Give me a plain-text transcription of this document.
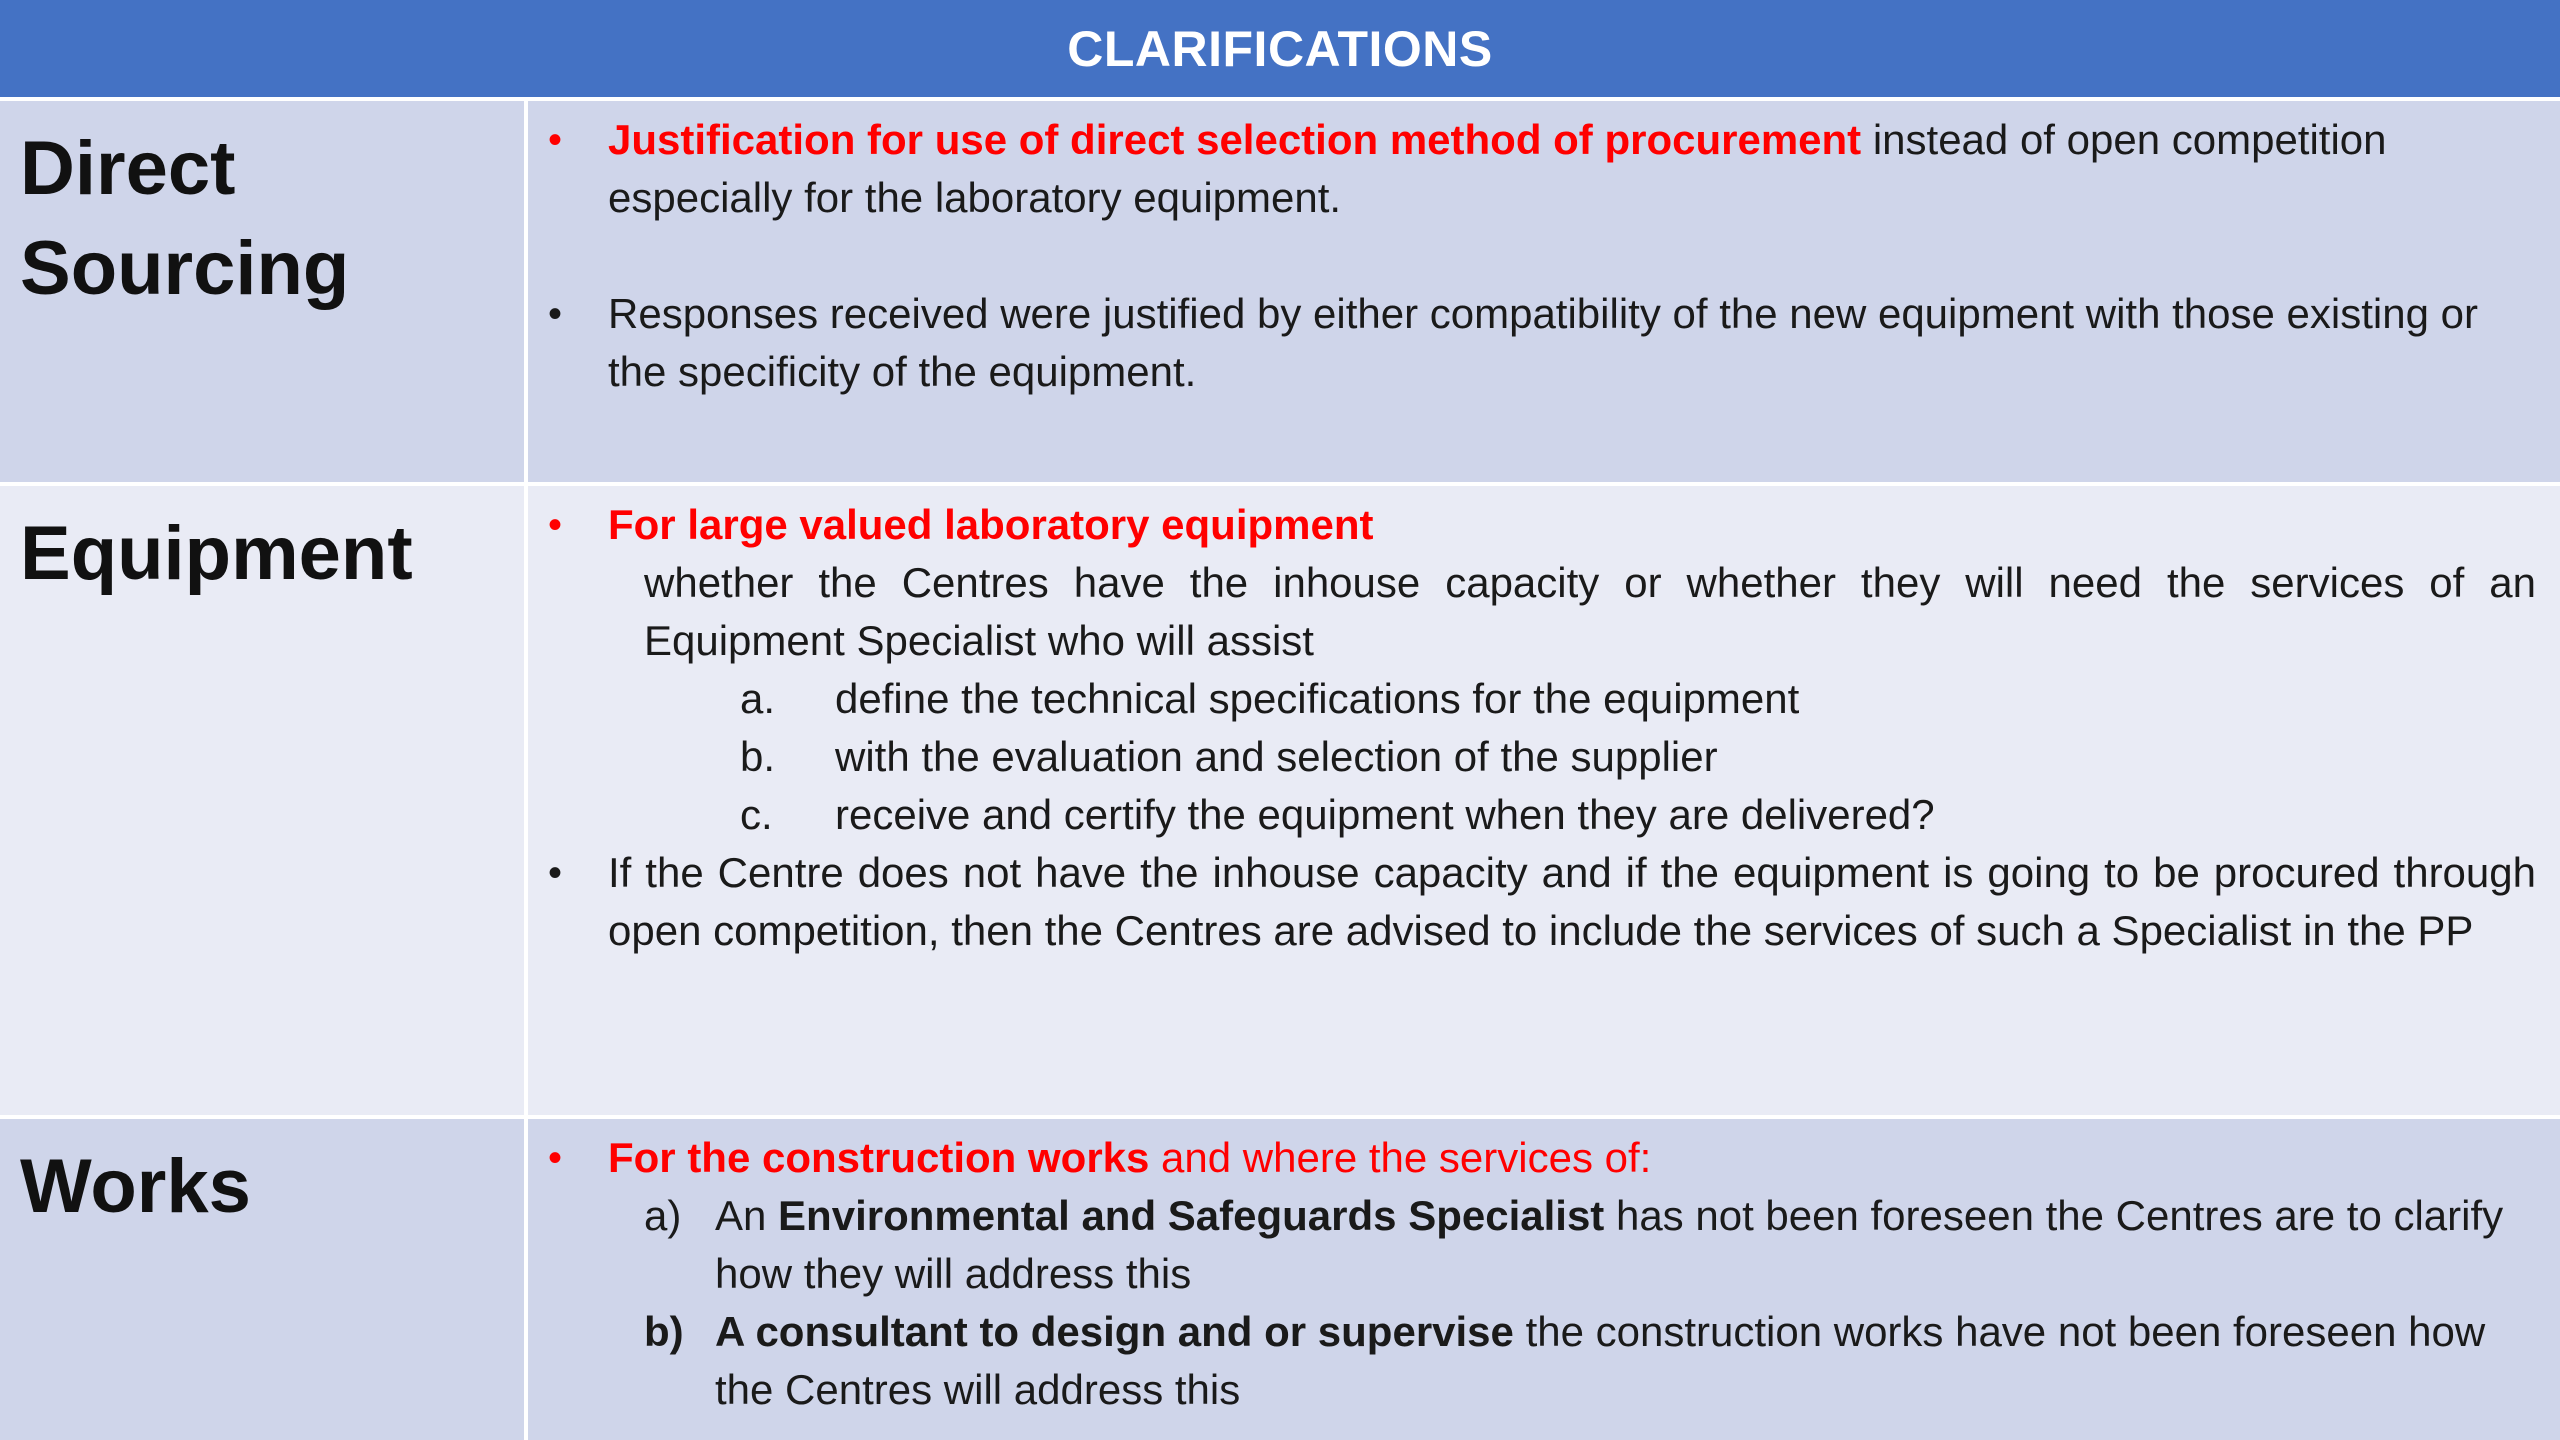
CLARIFICATIONS

Direct

Sourcing

• Justification for use of direct selection method of procurement instead of open competition especially for the laboratory equipment.

• Responses received were justified by either compatibility of the new equipment with those existing or the specificity of the equipment.

Equipment	• For large valued laboratory equipment

whether the Centres have the inhouse capacity or whether they will need the services of an Equipment Specialist who will assist

a. define the technical specifications for the equipment
b. with the evaluation and selection of the supplier
c. receive and certify the equipment when they are delivered?

• If the Centre does not have the inhouse capacity and if the equipment is going to be procured through open competition, then the Centres are advised to include the services of such a Specialist in the PP

Works	• For the construction works and where the services of:

a) An Environmental and Safeguards Specialist has not been foreseen the Centres are to clarify how they will address this
b) A consultant to design and or supervise the construction works have not been foreseen how the Centres will address this
